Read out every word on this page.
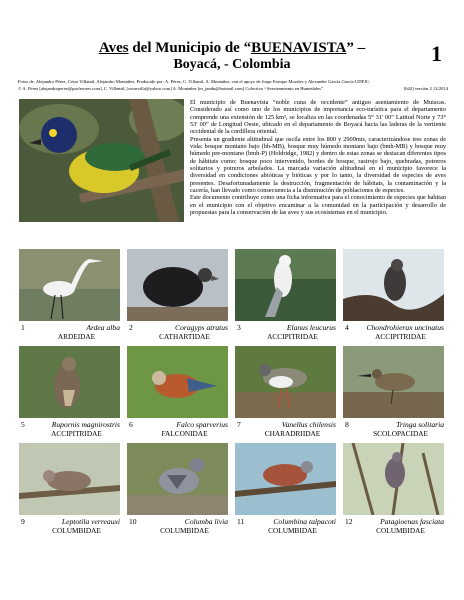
Aves del Municipio de “BUENAVISTA” –
Boyacá, - Colombia	1
Fotos de, Alejandro Pérez, César Villamil, Alejandro Montañez. Producido por: A. Pérez, C. Villamil, A. Montañez, con el apoyo de Jorge Enrique Morales y Alexander García García UDFJC.
© A. Pérez [alejandroperez@proferores.com], C. Villamil, [cesarvilla@yahoo.com] A. Montañez [m_jandu@hotmail.com] Colectivo “Avesteamiento en Humedales”	[642] versión 2 12/2014

El municipio de Buenavista “noble cuna de occidente” antiguo asentamiento de Muiscas. Considerado así como uno de los municipios de importancia eco-turística para el departamento comprende una extensión de 125 km², se localiza en las coordenadas 5° 31' 00” Latitud Norte y 73° 53' 00” de Longitud Oeste, ubicado en el departamento de Boyacá hacia las laderas de la vertiente occidental de la cordillera oriental.

Presenta un gradiente altitudinal que oscila entre los 800 y 2900mts, caracterizándose tres zonas de vida: bosque montano bajo (bh-MB), bosque muy húmedo montano bajo (bmh-MB) y bosque muy húmedo pre-montano (bmh-P) (Holdridge, 1982) y dentro de estas zonas se destacan diferentes tipos de hábitats como: bosque poco intervenido, bordes de bosque, rastrojo bajo, quebradas, potreros solitarios y potreros arbolados. La marcada variación altitudinal en el municipio favorece la diversidad en condiciones abióticas y bióticas y por lo tanto, la diversidad de especies de aves presentes. Desafortunadamente la destrucción, fragmentación de hábitats, la contaminación y la cacería, han llevado como consecuencia a la disminución de poblaciones de especies.

Este documento contribuye como una ficha informativa para el conocimiento de especies que habitan en el municipio con el objetivo encaminar a la comunidad en la participación y desarrollo de propuestas para la conservación de las aves y sus ecosistemas en el municipio.

1	Ardea alba
ARDEIDAE
2	Coragyps atratus
CATHARTIDAE
3	Elanus leucurus
ACCIPITRIDAE
4 Chondrohierax uncinatus
ACCIPITRIDAE
5	Rupornis magnirostris
ACCIPITRIDAE
6	Falco sparverius
FALCONIDAE
7	Vanellus chilensis
CHARADRIIDAE
8	Tringa solitaria
SCOLOPACIDAE
9	Leptotila verreauxi
COLUMBIDAE
10	Columba livia
COLUMBIDAE
11	Columbina talpacoti
COLUMBIDAE
12	Patagioenas fasciata
COLUMBIDAE
